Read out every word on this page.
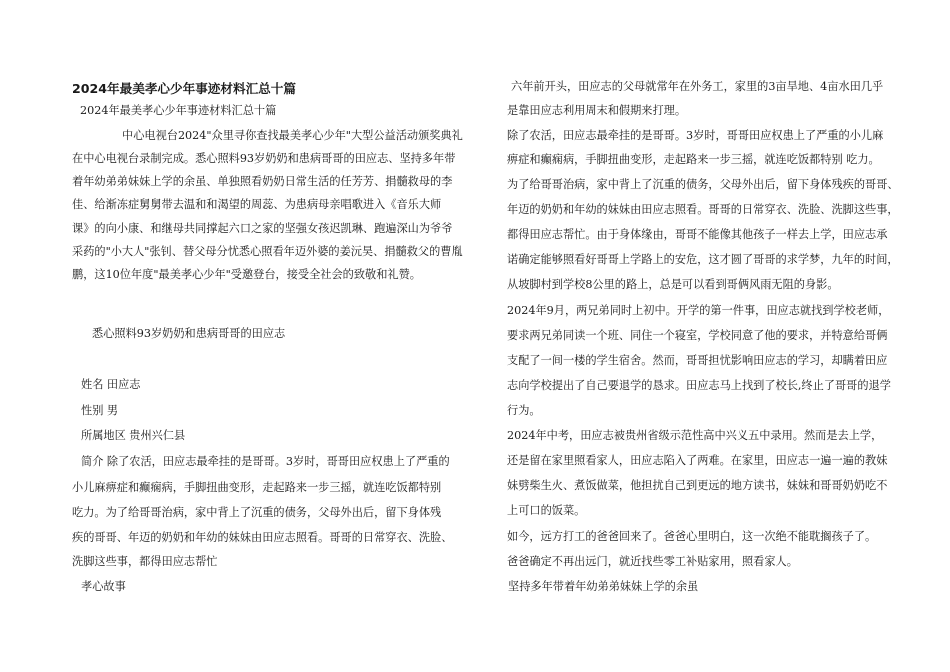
2024年最美孝心少年事迹材料汇总十篇
2024年最美孝心少年事迹材料汇总十篇
中心电视台2024"众里寻你查找最美孝心少年"大型公益活动颁奖典礼
在中心电视台录制完成。悉心照料93岁奶奶和患病哥哥的田应志、坚持多年带
着年幼弟弟妹妹上学的余虽、单独照看奶奶日常生活的任芳芳、捐髓救母的李
佳、给渐冻症舅舅带去温和和渴望的周蕊、为患病母亲唱歌进入《音乐大师
课》的向小康、和继母共同撑起六口之家的坚强女孩迟凯琳、跑遍深山为爷爷
采药的"小大人"张钊、替父母分忧悉心照看年迈外婆的姜沅昊、捐髓救父的曹胤
鹏，这10位年度"最美孝心少年"受邀登台，接受全社会的致敬和礼赞。
悉心照料93岁奶奶和患病哥哥的田应志
姓名 田应志
性别 男
所属地区 贵州兴仁县
简介 除了农活，田应志最牵挂的是哥哥。3岁时，哥哥田应权患上了严重的
小儿麻痹症和癫痫病，手脚扭曲变形，走起路来一步三摇，就连吃饭都特别
吃力。为了给哥哥治病，家中背上了沉重的债务，父母外出后，留下身体残
疾的哥哥、年迈的奶奶和年幼的妹妹由田应志照看。哥哥的日常穿衣、洗脸、
洗脚这些事，都得田应志帮忙
孝心故事
六年前开头，田应志的父母就常年在外务工，家里的3亩旱地、4亩水田几乎
是靠田应志利用周末和假期来打理。
除了农活，田应志最牵挂的是哥哥。3岁时，哥哥田应权患上了严重的小儿麻
痹症和癫痫病，手脚扭曲变形，走起路来一步三摇，就连吃饭都特别 吃力。
为了给哥哥治病，家中背上了沉重的债务，父母外出后，留下身体残疾的哥哥、
年迈的奶奶和年幼的妹妹由田应志照看。哥哥的日常穿衣、洗脸、洗脚这些事，
都得田应志帮忙。由于身体缘由，哥哥不能像其他孩子一样去上学，田应志承
诺确定能够照看好哥哥上学路上的安危，这才圆了哥哥的求学梦，九年的时间，
从坡脚村到学校8公里的路上，总是可以看到哥俩风雨无阻的身影。
2024年9月，两兄弟同时上初中。开学的第一件事，田应志就找到学校老师，
要求两兄弟同读一个班、同住一个寝室，学校同意了他的要求，并特意给哥俩
支配了一间一楼的学生宿舍。然而，哥哥担忧影响田应志的学习，却瞒着田应
志向学校提出了自己要退学的恳求。田应志马上找到了校长,终止了哥哥的退学
行为。
2024年中考，田应志被贵州省级示范性高中兴义五中录用。然而是去上学，
还是留在家里照看家人，田应志陷入了两难。在家里，田应志一遍一遍的教妹
妹劈柴生火、煮饭做菜，他担扰自己到更远的地方读书，妹妹和哥哥奶奶吃不
上可口的饭菜。
如今，远方打工的爸爸回来了。爸爸心里明白，这一次绝不能耽搁孩子了。
爸爸确定不再出远门，就近找些零工补贴家用，照看家人。
坚持多年带着年幼弟弟妹妹上学的余虽
